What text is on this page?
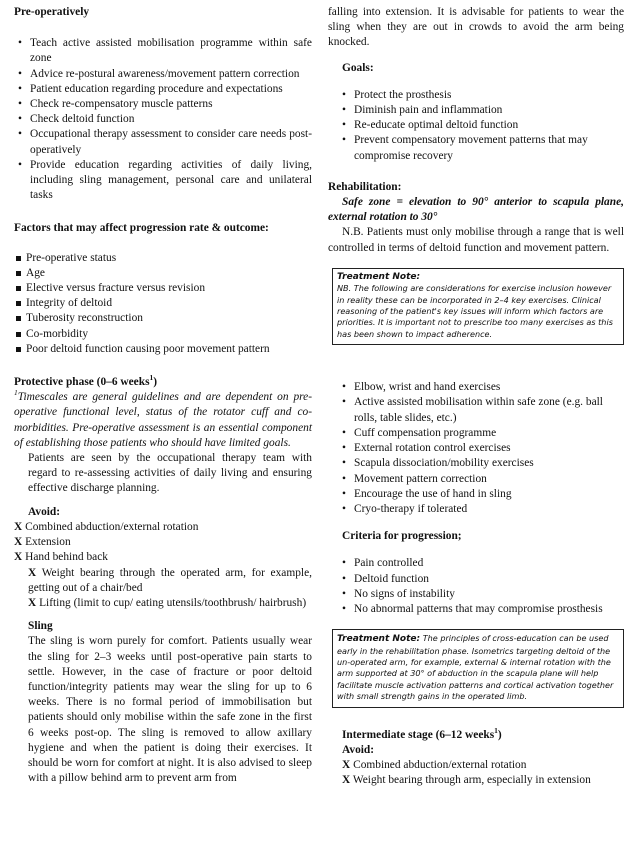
Pre-operatively

• Teach active assisted mobilisation programme within safe zone
• Advice re-postural awareness/movement pattern correction
• Patient education regarding procedure and expectations
• Check re-compensatory muscle patterns
• Check deltoid function
• Occupational therapy assessment to consider care needs post-operatively
• Provide education regarding activities of daily living, including sling management, personal care and unilateral tasks

Factors that may affect progression rate & outcome:

Pre-operative status
Age
Elective versus fracture versus revision
Integrity of deltoid
Tuberosity reconstruction
Co-morbidity
Poor deltoid function causing poor movement pattern

Protective phase (0–6 weeks$^1$)

$^1$Timescales are general guidelines and are dependent on pre-operative functional level, status of the rotator cuff and co-morbidities. Pre-operative assessment is an essential component of establishing those patients who should have limited goals.

Patients are seen by the occupational therapy team with regard to re-assessing activities of daily living and ensuring effective discharge planning.

Avoid:

X Combined abduction/external rotation

X Extension

X Hand behind back

X Weight bearing through the operated arm, for example, getting out of a chair/bed

X Lifting (limit to cup/ eating utensils/toothbrush/ hairbrush)

Sling

The sling is worn purely for comfort. Patients usually wear the sling for 2–3 weeks until post-operative pain starts to settle. However, in the case of fracture or poor deltoid function/integrity patients may wear the sling for up to 6 weeks. There is no formal period of immobilisation but patients should only mobilise within the safe zone in the first 6 weeks post-op. The sling is removed to allow axillary hygiene and when the patient is doing their exercises. It should be worn for comfort at night. It is also advised to sleep with a pillow behind arm to prevent arm from

falling into extension. It is advisable for patients to wear the sling when they are out in crowds to avoid the arm being knocked.

Goals:

• Protect the prosthesis
• Diminish pain and inflammation
• Re-educate optimal deltoid function
• Prevent compensatory movement patterns that may compromise recovery

Rehabilitation:

Safe zone = elevation to 90° anterior to scapula plane, external rotation to 30°

N.B. Patients must only mobilise through a range that is well controlled in terms of deltoid function and movement pattern.

Treatment Note:
NB. The following are considerations for exercise inclusion however in reality these can be incorporated in 2–4 key exercises. Clinical reasoning of the patient's key issues will inform which factors are priorities. It is important not to prescribe too many exercises as this has been shown to impact adherence.
• Elbow, wrist and hand exercises
• Active assisted mobilisation within safe zone (e.g. ball rolls, table slides, etc.)
• Cuff compensation programme
• External rotation control exercises
• Scapula dissociation/mobility exercises
• Movement pattern correction
• Encourage the use of hand in sling
• Cryo-therapy if tolerated

Criteria for progression;

• Pain controlled
• Deltoid function
• No signs of instability
• No abnormal patterns that may compromise prosthesis
Treatment Note: The principles of cross-education can be used early in the rehabilitation phase. Isometrics targeting deltoid of the un-operated arm, for example, external & internal rotation with the arm supported at 30° of abduction in the scapula plane will help facilitate muscle activation patterns and cortical activation together with small strength gains in the operated limb.

Intermediate stage (6–12 weeks$^1$)

Avoid:

X Combined abduction/external rotation

X Weight bearing through arm, especially in extension
